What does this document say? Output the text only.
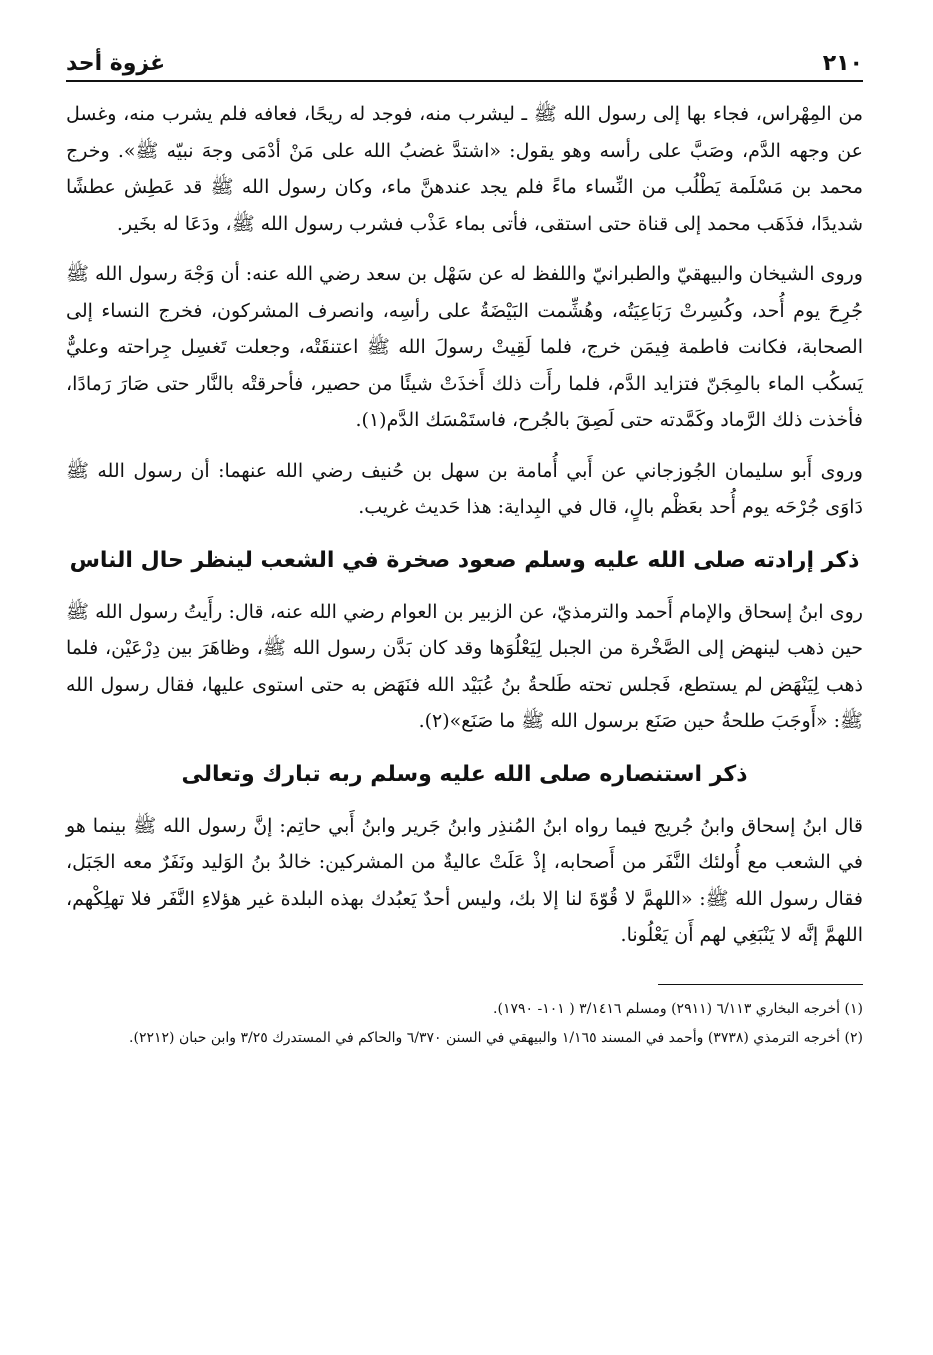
٢١٠
غزوة أحد

من المِهْراس، فجاء بها إلى رسول الله ﷺ ـ ليشرب منه، فوجد له ريحًا، فعافه فلم يشرب منه، وغسل عن وجهه الدَّم، وصَبَّ على رأسه وهو يقول: «اشتدَّ غضبُ الله على مَنْ أدْمَى وجهَ نبيّه ﷺ». وخرج محمد بن مَسْلَمة يَطْلُب من النِّساء ماءً فلم يجد عندهنَّ ماء، وكان رسول الله ﷺ قد عَطِش عطشًا شديدًا، فذَهَب محمد إلى قناة حتى استقى، فأتى بماء عَذْب فشرب رسول الله ﷺ، ودَعَا له بخَير.

وروى الشيخان والبيهقيّ والطبرانيّ واللفظ له عن سَهْل بن سعد رضي الله عنه: أن وَجْهَ رسول الله ﷺ جُرِحَ يوم أُحد، وكُسِرتْ رَبَاعِيَتُه، وهُشِّمت البَيْضَةُ على رأسِه، وانصرف المشركون، فخرج النساء إلى الصحابة، فكانت فاطمة فِيمَن خرج، فلما لَقِيتْ رسولَ الله ﷺ اعتنقَتْه، وجعلت تَغسِل جِراحته وعليٌّ يَسكُب الماء بالمِجَنّ فتزايد الدَّم، فلما رأَت ذلك أَخذَتْ شيئًا من حصير، فأحرقتْه بالنَّار حتى صَارَ رَمادًا، فأخذت ذلك الرَّماد وكَمَّدته حتى لَصِقَ بالجُرح، فاستَمْسَك الدَّم(١).

وروى أَبو سليمان الجُوزجاني عن أَبي أُمامة بن سهل بن حُنيف رضي الله عنهما: أن رسول الله ﷺ دَاوَى جُرْحَه يوم أُحد بعَظْم بالٍ، قال في البِداية: هذا حَديث غريب.

ذكر إرادته صلى الله عليه وسلم صعود صخرة في الشعب لينظر حال الناس

روى ابنُ إسحاق والإمام أَحمد والترمذيّ، عن الزبير بن العوام رضي الله عنه، قال: رأَيتُ رسول الله ﷺ حين ذهب لينهض إلى الصَّخْرة من الجبل لِيَعْلُوَها وقد كان بَدَّن رسول الله ﷺ، وظاهَرَ بين دِرْعَيْن، فلما ذهب لِيَنْهَض لم يستطع، فَجلس تحته طَلحةُ بنُ عُبَيْد الله فنَهَض به حتى استوى عليها، فقال رسول الله ﷺ: «أَوجَبَ طلحةُ حين صَنَع برسول الله ﷺ ما صَنَع»(٢).

ذكر استنصاره صلى الله عليه وسلم ربه تبارك وتعالى

قال ابنُ إسحاق وابنُ جُريج فيما رواه ابنُ المُنذِر وابنُ جَرير وابنُ أَبي حاتِم: إنَّ رسول الله ﷺ بينما هو في الشعب مع أُولئك النَّفَر من أَصحابه، إذْ عَلَتْ عاليةٌ من المشركين: خالدُ بنُ الوَليد ونَفَرٌ معه الجَبَل، فقال رسول الله ﷺ: «اللهمَّ لا قُوّةَ لنا إلا بك، وليس أحدٌ يَعبُدك بهذه البلدة غير هؤلاءِ النَّفَر فلا تهلِكْهم، اللهمَّ إنَّه لا يَنْبَغِي لهم أَن يَعْلُونا.

(١) أخرجه البخاري ٦/١١٣ (٢٩١١) ومسلم ٣/١٤١٦ ( ١٠١- ١٧٩٠).

(٢) أخرجه الترمذي (٣٧٣٨) وأحمد في المسند ١/١٦٥ والبيهقي في السنن ٦/٣٧٠ والحاكم في المستدرك ٣/٢٥ وابن حبان (٢٢١٢).
